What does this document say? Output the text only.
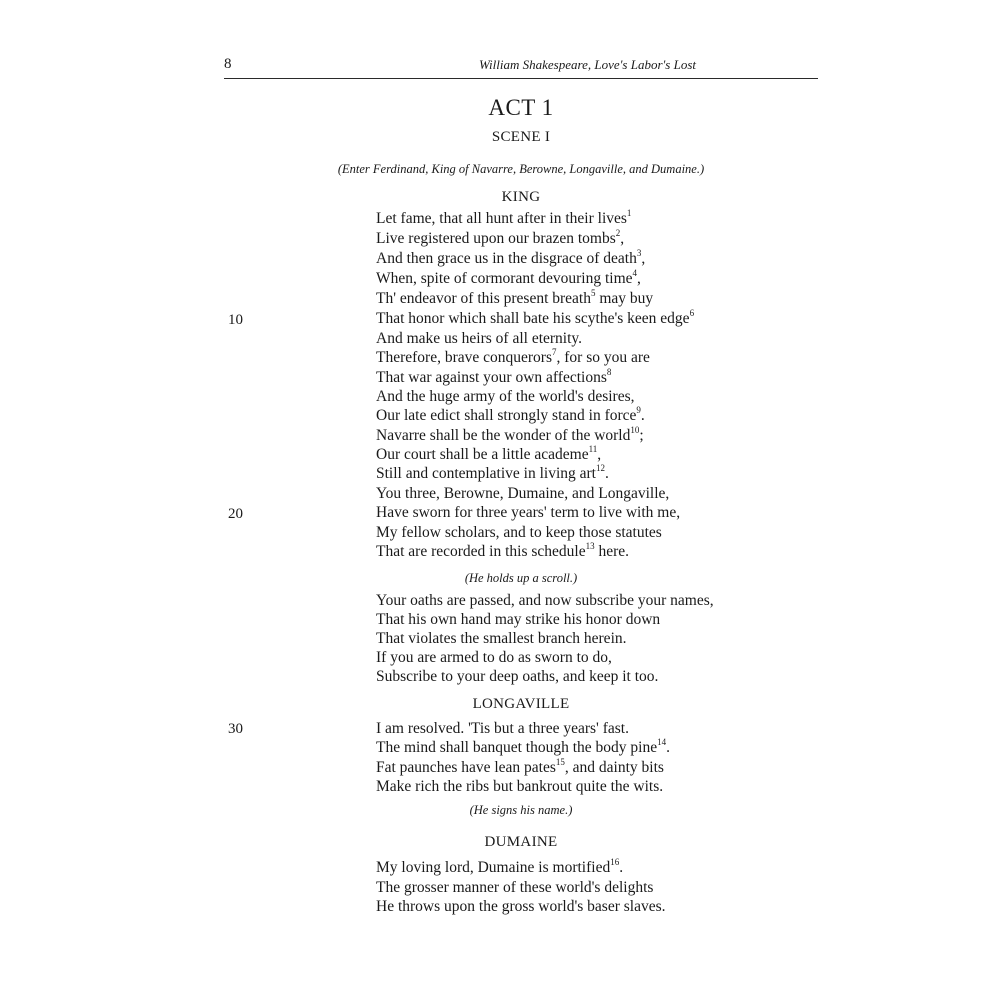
8	William Shakespeare, Love's Labor's Lost
ACT 1
SCENE I
(Enter Ferdinand, King of Navarre, Berowne, Longaville, and Dumaine.)
KING
Let fame, that all hunt after in their lives$^1$
Live registered upon our brazen tombs$^2$,
And then grace us in the disgrace of death$^3$,
When, spite of cormorant devouring time$^4$,
Th' endeavor of this present breath$^5$ may buy
That honor which shall bate his scythe's keen edge$^6$
And make us heirs of all eternity.
Therefore, brave conquerors$^7$, for so you are
That war against your own affections$^8$
And the huge army of the world's desires,
Our late edict shall strongly stand in force$^9$.
Navarre shall be the wonder of the world$^{10}$;
Our court shall be a little academe$^{11}$,
Still and contemplative in living art$^{12}$.
You three, Berowne, Dumaine, and Longaville,
Have sworn for three years' term to live with me,
My fellow scholars, and to keep those statutes
That are recorded in this schedule$^{13}$ here.
(He holds up a scroll.)
Your oaths are passed, and now subscribe your names,
That his own hand may strike his honor down
That violates the smallest branch herein.
If you are armed to do as sworn to do,
Subscribe to your deep oaths, and keep it too.
LONGAVILLE
I am resolved. 'Tis but a three years' fast.
The mind shall banquet though the body pine$^{14}$.
Fat paunches have lean pates$^{15}$, and dainty bits
Make rich the ribs but bankrout quite the wits.
(He signs his name.)
DUMAINE
My loving lord, Dumaine is mortified$^{16}$.
The grosser manner of these world's delights
He throws upon the gross world's baser slaves.
10
20
30
